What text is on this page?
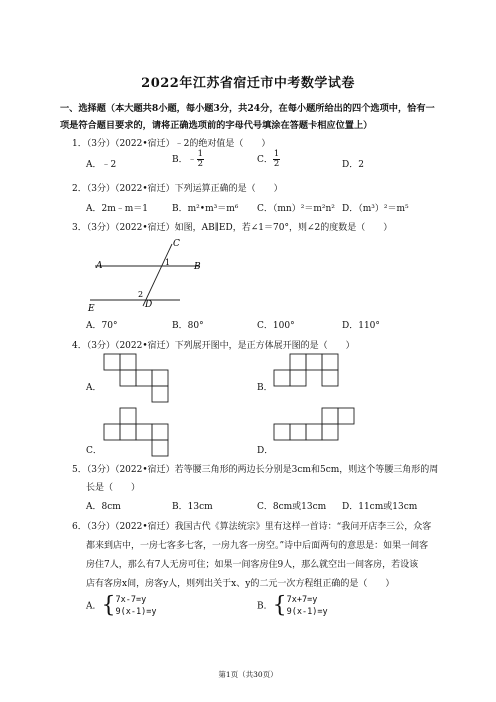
2022年江苏省宿迁市中考数学试卷
一、选择题（本大题共8小题，每小题3分，共24分，在每小题所给出的四个选项中，恰有一项是符合题目要求的，请将正确选项前的字母代号填涂在答题卡相应位置上）
1．（3分）（2022•宿迁）﹣2的绝对值是（　　）
A．﹣2	B．﹣ $\frac{1}{2}$	C． $\frac{1}{2}$	D．2
2．（3分）（2022•宿迁）下列运算正确的是（　　）
A．2m﹣m＝1	B．m²•m³＝m⁶ C．（mn）²＝m²n² D．（m³）²＝m⁵
3．（3分）（2022•宿迁）如图，AB∥ED，若∠1＝70°，则∠2的度数是（　　）
C
A	B
1
2
D
E
A．70°	B．80°	C．100°	D．110°
4．（3分）（2022•宿迁）下列展开图中，是正方体展开图的是（　　）
A．	B．
C．	D．
5．（3分）（2022•宿迁）若等腰三角形的两边长分别是3cm和5cm，则这个等腰三角形的周
长是（　　）
A．8cm	B．13cm	C．8cm或13cm D．11cm或13cm
6．（3分）（2022•宿迁）我国古代《算法统宗》里有这样一首诗：“我问开店李三公，众客
都来到店中，一房七客多七客，一房九客一房空。”诗中后面两句的意思是：如果一间客
房住7人，那么有7人无房可住；如果一间客房住9人，那么就空出一间客房，若设该
店有客房x间，房客y人，则列出关于x、y的二元一次方程组正确的是（　　）
A．{ 7x-7=y
9(x-1)=y
B．{ 7x+7=y
9(x-1)=y
第1页（共30页）
